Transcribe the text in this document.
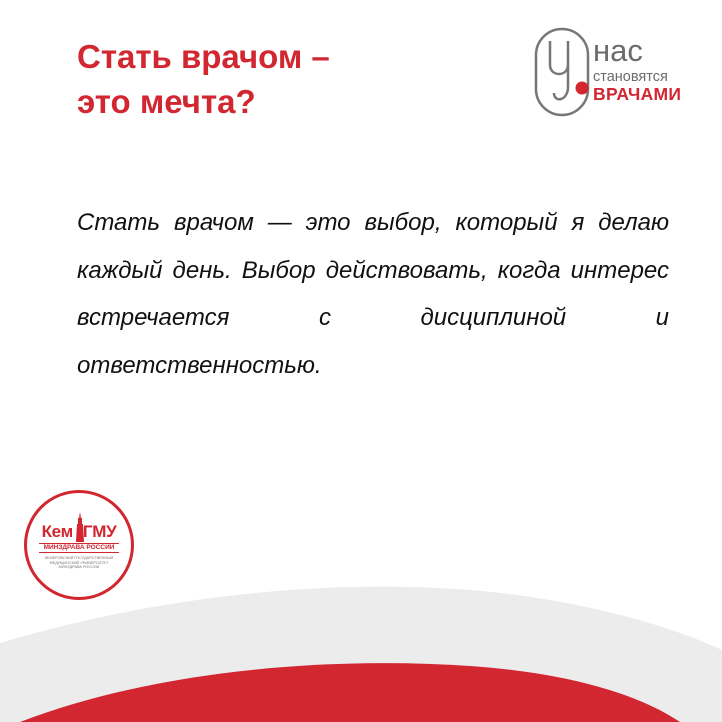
Стать врачом –
это мечта?
нас
становятся
ВРАЧАМИ

Стать врачом — это выбор, который я делаю каждый день. Выбор действовать, когда интерес встречается с дисциплиной и ответственностью.

Кем ГМУ
МИНЗДРАВА РОССИИ
КЕМЕРОВСКИЙ ГОСУДАРСТВЕННЫЙ МЕДИЦИНСКИЙ УНИВЕРСИТЕТ МИНЗДРАВА РОССИИ
